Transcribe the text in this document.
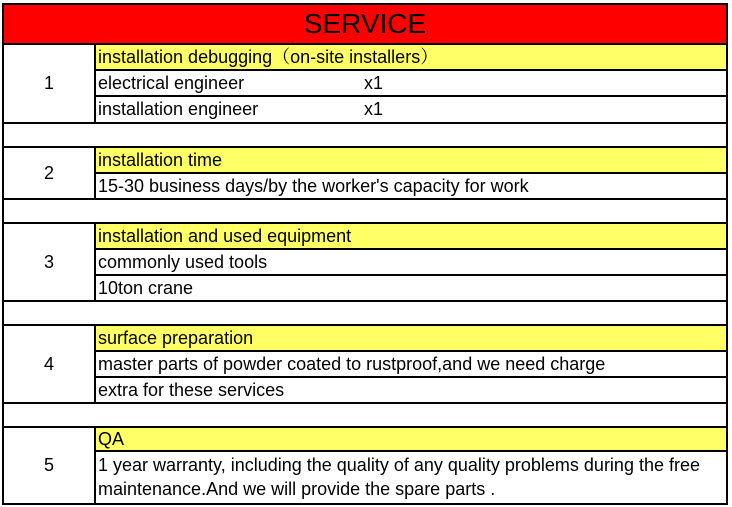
SERVICE
1
installation debugging（on-site installers）
electrical engineer	x1
installation engineer	x1
2
installation time
15-30 business days/by the worker's capacity for work
3
installation and used equipment
commonly used tools
10ton crane
4
surface preparation
master parts of powder coated to rustproof,and we need charge
extra for these services
5
QA
1 year warranty, including the quality of any quality problems during the free maintenance.And we will provide the spare parts .
